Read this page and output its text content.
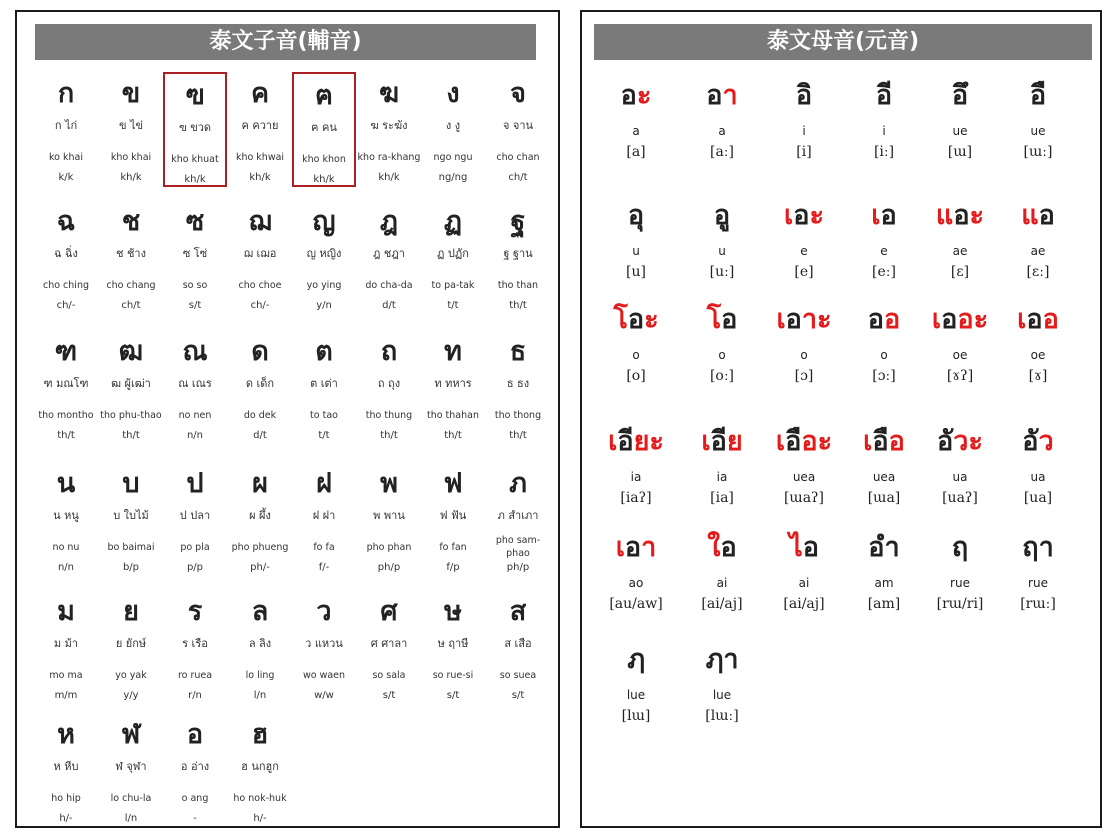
泰文子音(輔音)
ก
ก ไก่
ko khai
k/k
ข
ข ไข่
kho khai
kh/k
ฃ
ฃ ขวด
kho khuat
kh/k
ค
ค ควาย
kho khwai
kh/k
ฅ
ฅ คน
kho khon
kh/k
ฆ
ฆ ระฆัง
kho ra-khang
kh/k
ง
ง งู
ngo ngu
ng/ng
จ
จ จาน
cho chan
ch/t
ฉ
ฉ ฉิ่ง
cho ching
ch/-
ช
ช ช้าง
cho chang
ch/t
ซ
ซ โซ่
so so
s/t
ฌ
ฌ เฌอ
cho choe
ch/-
ญ
ญ หญิง
yo ying
y/n
ฎ
ฎ ชฎา
do cha-da
d/t
ฏ
ฏ ปฏัก
to pa-tak
t/t
ฐ
ฐ ฐาน
tho than
th/t
ฑ
ฑ มณโฑ
tho montho
th/t
ฒ
ฒ ผู้เฒ่า
tho phu-thao
th/t
ณ
ณ เณร
no nen
n/n
ด
ด เด็ก
do dek
d/t
ต
ต เต่า
to tao
t/t
ถ
ถ ถุง
tho thung
th/t
ท
ท ทหาร
tho thahan
th/t
ธ
ธ ธง
tho thong
th/t
น
น หนู
no nu
n/n
บ
บ ใบไม้
bo baimai
b/p
ป
ป ปลา
po pla
p/p
ผ
ผ ผึ้ง
pho phueng
ph/-
ฝ
ฝ ฝา
fo fa
f/-
พ
พ พาน
pho phan
ph/p
ฟ
ฟ ฟัน
fo fan
f/p
ภ
ภ สำเภา
pho sam-phao
ph/p
ม
ม ม้า
mo ma
m/m
ย
ย ยักษ์
yo yak
y/y
ร
ร เรือ
ro ruea
r/n
ล
ล ลิง
lo ling
l/n
ว
ว แหวน
wo waen
w/w
ศ
ศ ศาลา
so sala
s/t
ษ
ษ ฤาษี
so rue-si
s/t
ส
ส เสือ
so suea
s/t
ห
ห หีบ
ho hip
h/-
ฬ
ฬ จุฬา
lo chu-la
l/n
อ
อ อ่าง
o ang
-
ฮ
ฮ นกฮูก
ho nok-huk
h/-
泰文母音(元音)
อะ
a
[a]
อา
a
[aː]
อิ
i
[i]
อี
i
[iː]
อึ
ue
[ɯ]
อื
ue
[ɯː]
อุ
u
[u]
อู
u
[uː]
เอะ
e
[e]
เอ
e
[eː]
แอะ
ae
[ɛ]
แอ
ae
[ɛː]
โอะ
o
[o]
โอ
o
[oː]
เอาะ
o
[ɔ]
ออ
o
[ɔː]
เออะ
oe
[ɤʔ]
เออ
oe
[ɤ]
เอียะ
ia
[iaʔ]
เอีย
ia
[ia]
เอือะ
uea
[ɯaʔ]
เอือ
uea
[ɯa]
อัวะ
ua
[uaʔ]
อัว
ua
[ua]
เอา
ao
[au/aw]
ใอ
ai
[ai/aj]
ไอ
ai
[ai/aj]
อ
am
[am]
ฤ
rue
[rɯ/ri]
ฤา
rue
[rɯː]
ฦ
lue
[lɯ]
ฦา
lue
[lɯː]
